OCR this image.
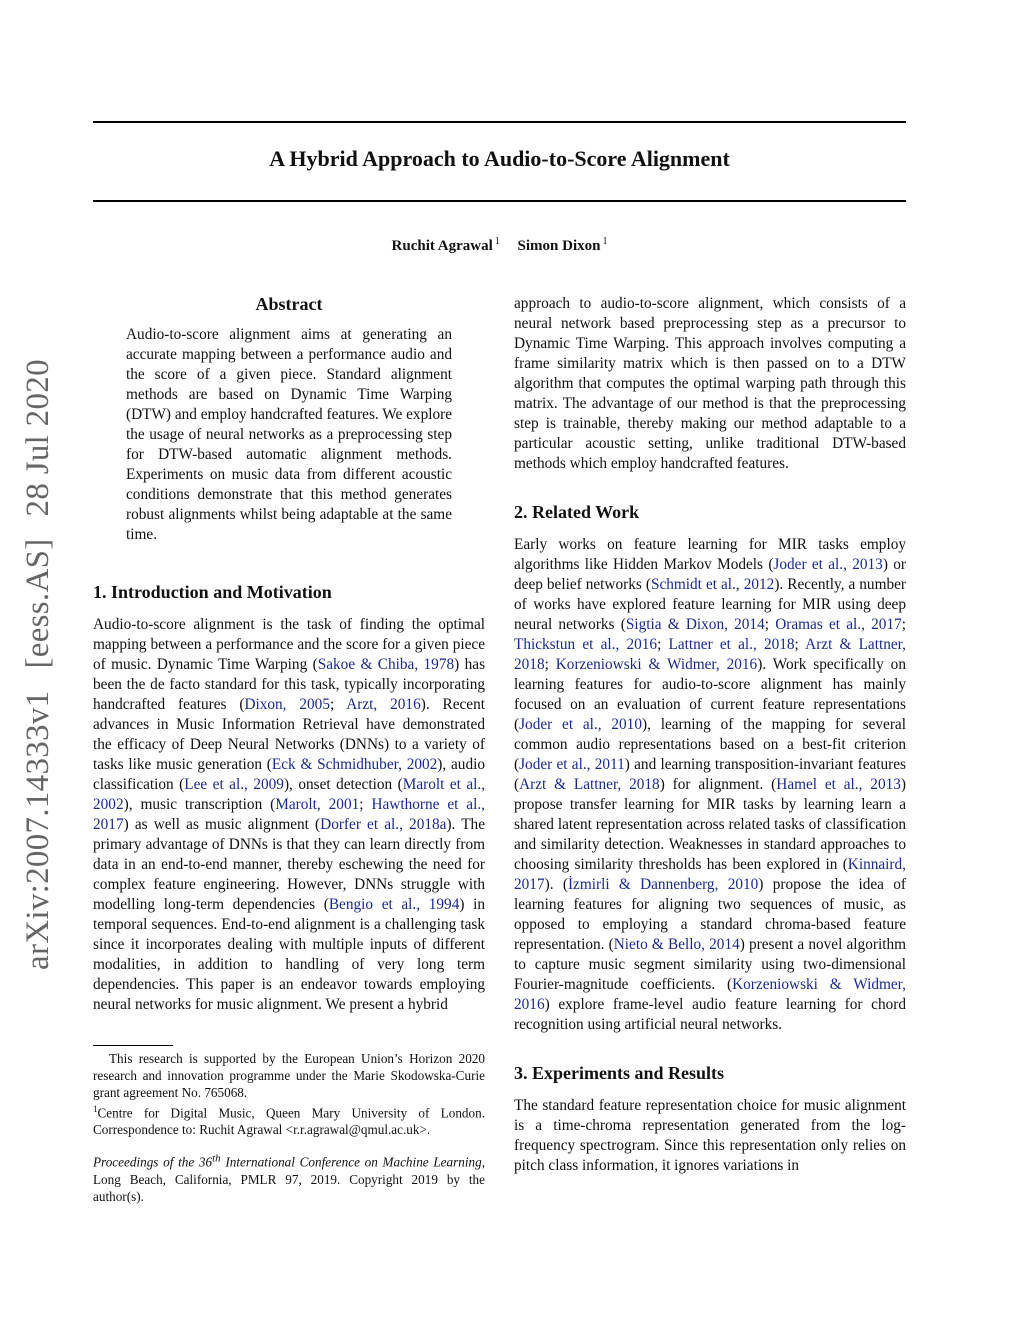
A Hybrid Approach to Audio-to-Score Alignment
Ruchit Agrawal $^1$ Simon Dixon $^1$
arXiv:2007.14333v1[eess.AS]28 Jul 2020
Abstract

Audio-to-score alignment aims at generating an accurate mapping between a performance audio and the score of a given piece. Standard alignment methods are based on Dynamic Time Warping (DTW) and employ handcrafted features. We explore the usage of neural networks as a preprocessing step for DTW-based automatic alignment methods. Experiments on music data from different acoustic conditions demonstrate that this method generates robust alignments whilst being adaptable at the same time.

1. Introduction and Motivation

Audio-to-score alignment is the task of finding the optimal mapping between a performance and the score for a given piece of music. Dynamic Time Warping (Sakoe & Chiba, 1978) has been the de facto standard for this task, typically incorporating handcrafted features (Dixon, 2005; Arzt, 2016). Recent advances in Music Information Retrieval have demonstrated the efficacy of Deep Neural Networks (DNNs) to a variety of tasks like music generation (Eck & Schmidhuber, 2002), audio classification (Lee et al., 2009), onset detection (Marolt et al., 2002), music transcription (Marolt, 2001; Hawthorne et al., 2017) as well as music alignment (Dorfer et al., 2018a). The primary advantage of DNNs is that they can learn directly from data in an end-to-end manner, thereby eschewing the need for complex feature engineering. However, DNNs struggle with modelling long-term dependencies (Bengio et al., 1994) in temporal sequences. End-to-end alignment is a challenging task since it incorporates dealing with multiple inputs of different modalities, in addition to handling of very long term dependencies. This paper is an endeavor towards employing neural networks for music alignment. We present a hybrid

This research is supported by the European Union’s Horizon 2020 research and innovation programme under the Marie Skodowska-Curie grant agreement No. 765068.

$^1$Centre for Digital Music, Queen Mary University of London. Correspondence to: Ruchit Agrawal <r.r.agrawal@qmul.ac.uk>.

Proceedings of the 36th International Conference on Machine Learning, Long Beach, California, PMLR 97, 2019. Copyright 2019 by the author(s).

approach to audio-to-score alignment, which consists of a neural network based preprocessing step as a precursor to Dynamic Time Warping. This approach involves computing a frame similarity matrix which is then passed on to a DTW algorithm that computes the optimal warping path through this matrix. The advantage of our method is that the preprocessing step is trainable, thereby making our method adaptable to a particular acoustic setting, unlike traditional DTW-based methods which employ handcrafted features.

2. Related Work

Early works on feature learning for MIR tasks employ algorithms like Hidden Markov Models (Joder et al., 2013) or deep belief networks (Schmidt et al., 2012). Recently, a number of works have explored feature learning for MIR using deep neural networks (Sigtia & Dixon, 2014; Oramas et al., 2017; Thickstun et al., 2016; Lattner et al., 2018; Arzt & Lattner, 2018; Korzeniowski & Widmer, 2016). Work specifically on learning features for audio-to-score alignment has mainly focused on an evaluation of current feature representations (Joder et al., 2010), learning of the mapping for several common audio representations based on a best-fit criterion (Joder et al., 2011) and learning transposition-invariant features (Arzt & Lattner, 2018) for alignment. (Hamel et al., 2013) propose transfer learning for MIR tasks by learning learn a shared latent representation across related tasks of classification and similarity detection. Weaknesses in standard approaches to choosing similarity thresholds has been explored in (Kinnaird, 2017). (İzmirli & Dannenberg, 2010) propose the idea of learning features for aligning two sequences of music, as opposed to employing a standard chroma-based feature representation. (Nieto & Bello, 2014) present a novel algorithm to capture music segment similarity using two-dimensional Fourier-magnitude coefficients. (Korzeniowski & Widmer, 2016) explore frame-level audio feature learning for chord recognition using artificial neural networks.

3. Experiments and Results

The standard feature representation choice for music alignment is a time-chroma representation generated from the log-frequency spectrogram. Since this representation only relies on pitch class information, it ignores variations in
